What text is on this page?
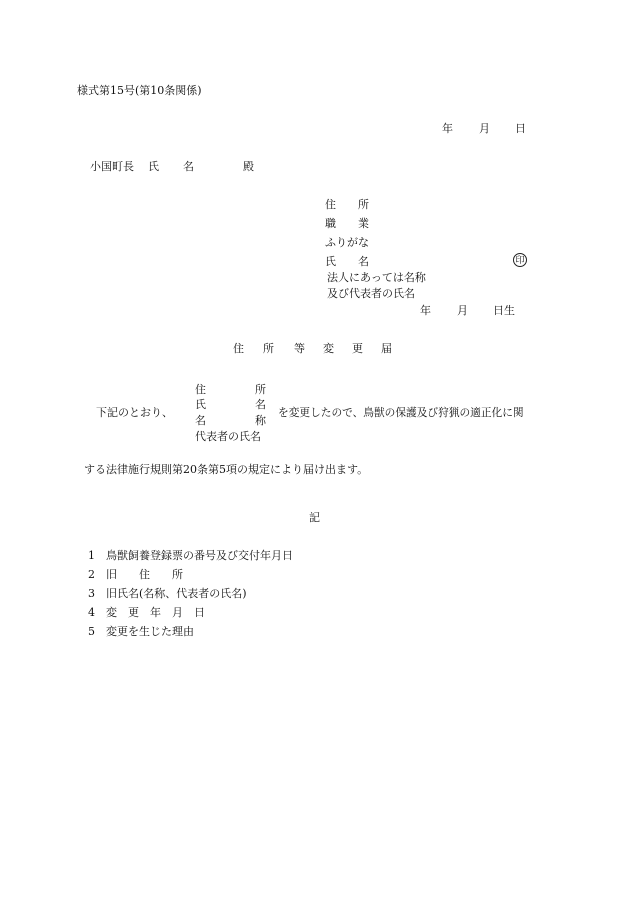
様式第15号(第10条関係)
年 月 日
小国町長 氏 名	殿
住　　所
職　　業
ふりがな
氏　　名	印
法人にあっては名称
及び代表者の氏名
年 月 日生
住 所 等 変 更 届
下記のとおり、
住	所
氏	名
名	称
代表者の氏名
を変更したので、鳥獣の保護及び狩猟の適正化に関
する法律施行規則第20条第5項の規定により届け出ます。
記
1 鳥獣飼養登録票の番号及び交付年月日
2 旧　　住　　所
3 旧氏名(名称、代表者の氏名)
4 変　更　年　月　日
5 変更を生じた理由
